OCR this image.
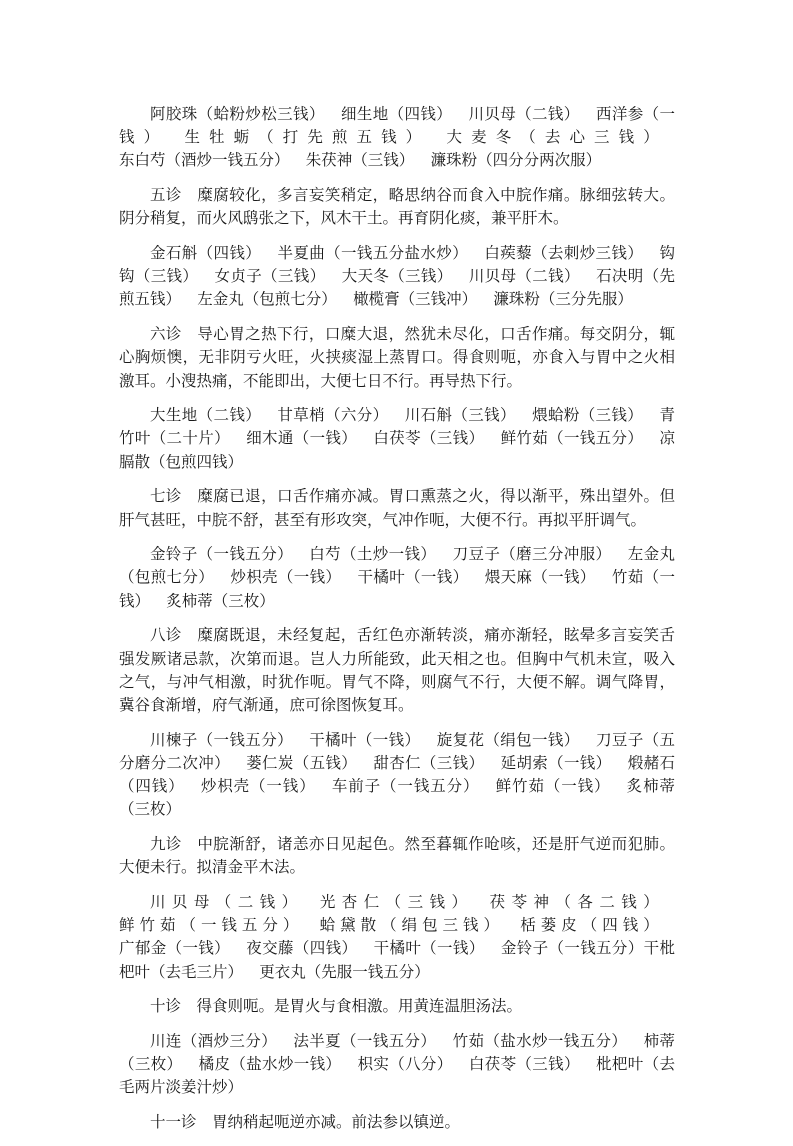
阿胶珠（蛤粉炒松三钱） 细生地（四钱） 川贝母（二钱） 西洋参（一钱） 生牡蛎（打先煎五钱） 大麦冬（去心三钱）东白芍（酒炒一钱五分） 朱茯神（三钱） 濂珠粉（四分分两次服）

五诊 糜腐较化，多言妄笑稍定，略思纳谷而食入中脘作痛。脉细弦转大。阴分稍复，而火风鸱张之下，风木干土。再育阴化痰，兼平肝木。

金石斛（四钱） 半夏曲（一钱五分盐水炒） 白蒺藜（去刺炒三钱） 钩钩（三钱） 女贞子（三钱） 大天冬（三钱） 川贝母（二钱） 石决明（先煎五钱） 左金丸（包煎七分） 橄榄膏（三钱冲） 濂珠粉（三分先服）

六诊 导心胃之热下行，口糜大退，然犹未尽化，口舌作痛。每交阴分，辄心胸烦懊，无非阴亏火旺，火挟痰湿上蒸胃口。得食则呃，亦食入与胃中之火相激耳。小溲热痛，不能即出，大便七日不行。再导热下行。

大生地（二钱） 甘草梢（六分） 川石斛（三钱） 煨蛤粉（三钱） 青竹叶（二十片） 细木通（一钱） 白茯苓（三钱） 鲜竹茹（一钱五分） 凉膈散（包煎四钱）

七诊 糜腐已退，口舌作痛亦减。胃口熏蒸之火，得以渐平，殊出望外。但肝气甚旺，中脘不舒，甚至有形攻突，气冲作呃，大便不行。再拟平肝调气。

金铃子（一钱五分） 白芍（土炒一钱） 刀豆子（磨三分冲服） 左金丸（包煎七分） 炒枳壳（一钱） 干橘叶（一钱） 煨天麻（一钱） 竹茹（一钱） 炙柿蒂（三枚）

八诊 糜腐既退，未经复起，舌红色亦渐转淡，痛亦渐轻，眩晕多言妄笑舌强发厥诸忌款，次第而退。岂人力所能致，此天相之也。但胸中气机未宣，吸入之气，与冲气相激，时犹作呃。胃气不降，则腐气不行，大便不解。调气降胃，冀谷食渐增，府气渐通，庶可徐图恢复耳。

川楝子（一钱五分） 干橘叶（一钱） 旋复花（绢包一钱） 刀豆子（五分磨分二次冲） 蒌仁炭（五钱） 甜杏仁（三钱） 延胡索（一钱） 煅赭石（四钱） 炒枳壳（一钱） 车前子（一钱五分） 鲜竹茹（一钱） 炙柿蒂（三枚）

九诊 中脘渐舒，诸恙亦日见起色。然至暮辄作呛咳，还是肝气逆而犯肺。大便未行。拟清金平木法。

川贝母（二钱） 光杏仁（三钱） 茯苓神（各二钱）鲜竹茹（一钱五分） 蛤黛散（绢包三钱） 栝蒌皮（四钱）广郁金（一钱） 夜交藤（四钱） 干橘叶（一钱） 金铃子（一钱五分）干枇杷叶（去毛三片） 更衣丸（先服一钱五分）

十诊 得食则呃。是胃火与食相激。用黄连温胆汤法。

川连（酒炒三分） 法半夏（一钱五分） 竹茹（盐水炒一钱五分） 柿蒂（三枚） 橘皮（盐水炒一钱） 枳实（八分） 白茯苓（三钱） 枇杷叶（去毛两片淡姜汁炒）

十一诊 胃纳稍起呃逆亦减。前法参以镇逆。
